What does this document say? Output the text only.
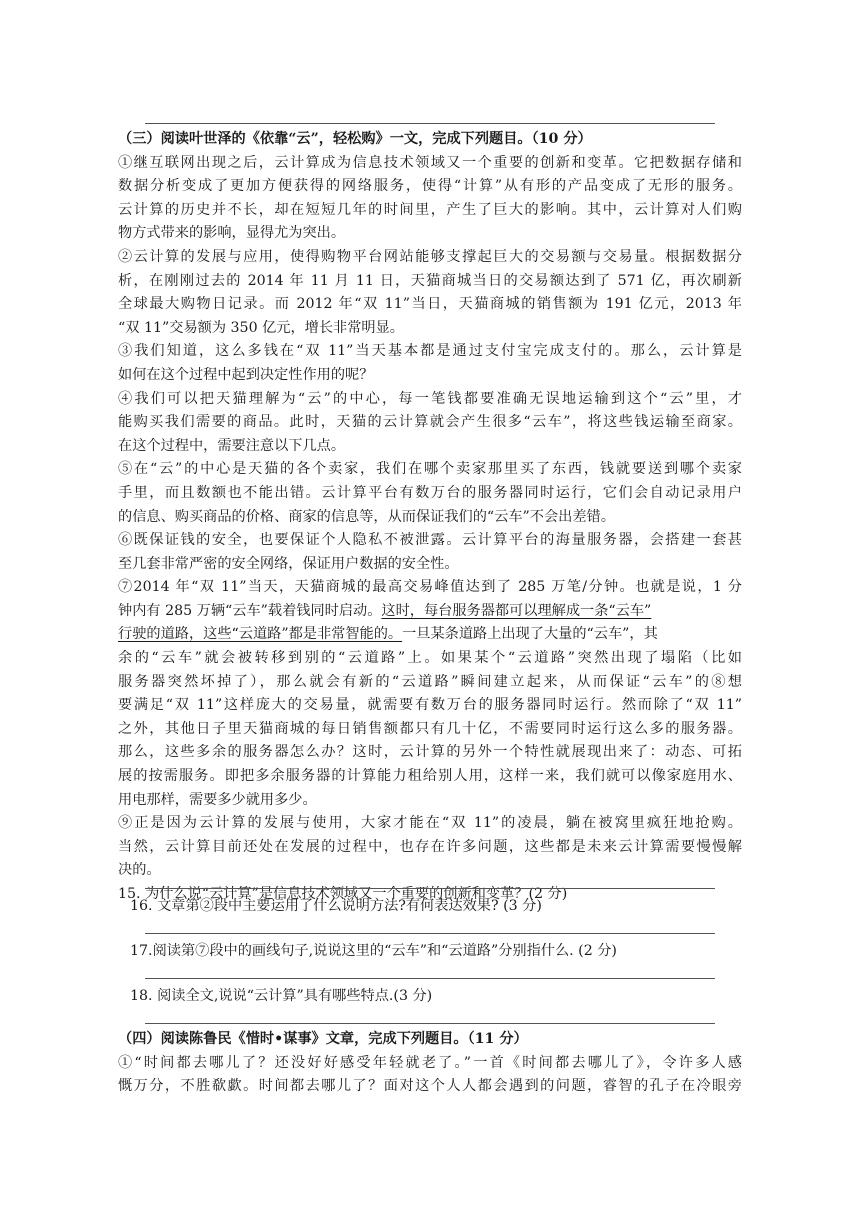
（三）阅读叶世泽的《依靠“云”，轻松购》一文，完成下列题目。（10 分）
①继互联网出现之后，云计算成为信息技术领域又一个重要的创新和变革。它把数据存储和
数据分析变成了更加方便获得的网络服务，使得“计算”从有形的产品变成了无形的服务。
云计算的历史并不长，却在短短几年的时间里，产生了巨大的影响。其中，云计算对人们购
物方式带来的影响，显得尤为突出。
②云计算的发展与应用，使得购物平台网站能够支撑起巨大的交易额与交易量。根据数据分
析，在刚刚过去的 2014 年 11 月 11 日，天猫商城当日的交易额达到了 571 亿，再次刷新
全球最大购物日记录。而 2012 年“双 11”当日，天猫商城的销售额为 191 亿元，2013 年
“双 11”交易额为 350 亿元，增长非常明显。
③我们知道，这么多钱在“双 11”当天基本都是通过支付宝完成支付的。那么，云计算是
如何在这个过程中起到决定性作用的呢？
④我们可以把天猫理解为“云”的中心，每一笔钱都要准确无误地运输到这个“云”里，才
能购买我们需要的商品。此时，天猫的云计算就会产生很多“云车”，将这些钱运输至商家。
在这个过程中，需要注意以下几点。
⑤在“云”的中心是天猫的各个卖家，我们在哪个卖家那里买了东西，钱就要送到哪个卖家
手里，而且数额也不能出错。云计算平台有数万台的服务器同时运行，它们会自动记录用户
的信息、购买商品的价格、商家的信息等，从而保证我们的“云车”不会出差错。
⑥既保证钱的安全，也要保证个人隐私不被泄露。云计算平台的海量服务器，会搭建一套甚
至几套非常严密的安全网络，保证用户数据的安全性。
⑦2014 年“双 11”当天，天猫商城的最高交易峰值达到了 285 万笔/分钟。也就是说，1 分
钟内有 285 万辆“云车”载着钱同时启动。这时，每台服务器都可以理解成一条“云车”
行驶的道路，这些“云道路”都是非常智能的。一旦某条道路上出现了大量的“云车”，其
余的“云车”就会被转移到别的“云道路”上。如果某个“云道路”突然出现了塌陷（比如
服务器突然坏掉了），那么就会有新的“云道路”瞬间建立起来，从而保证“云车”的⑧想
要满足“双 11”这样庞大的交易量，就需要有数万台的服务器同时运行。然而除了“双 11”
之外，其他日子里天猫商城的每日销售额都只有几十亿，不需要同时运行这么多的服务器。
那么，这些多余的服务器怎么办？这时，云计算的另外一个特性就展现出来了：动态、可拓
展的按需服务。即把多余服务器的计算能力租给别人用，这样一来，我们就可以像家庭用水、
用电那样，需要多少就用多少。
⑨正是因为云计算的发展与使用，大家才能在“双 11”的凌晨，躺在被窝里疯狂地抢购。
当然，云计算目前还处在发展的过程中，也存在许多问题，这些都是未来云计算需要慢慢解
决的。
15. 为什么说“云计算”是信息技术领域又一个重要的创新和变革？(2 分)
16. 文章第②段中主要运用了什么说明方法?有何表达效果? (3 分)
17.阅读第⑦段中的画线句子,说说这里的“云车”和“云道路”分别指什么. (2 分)
18. 阅读全文,说说“云计算”具有哪些特点.(3 分)
（四）阅读陈鲁民《惜时•谋事》文章，完成下列题目。（11 分）
①“时间都去哪儿了？还没好好感受年轻就老了。”一首《时间都去哪儿了》，令许多人感
慨万分，不胜欷歔。时间都去哪儿了？面对这个人人都会遇到的问题，睿智的孔子在冷眼旁
